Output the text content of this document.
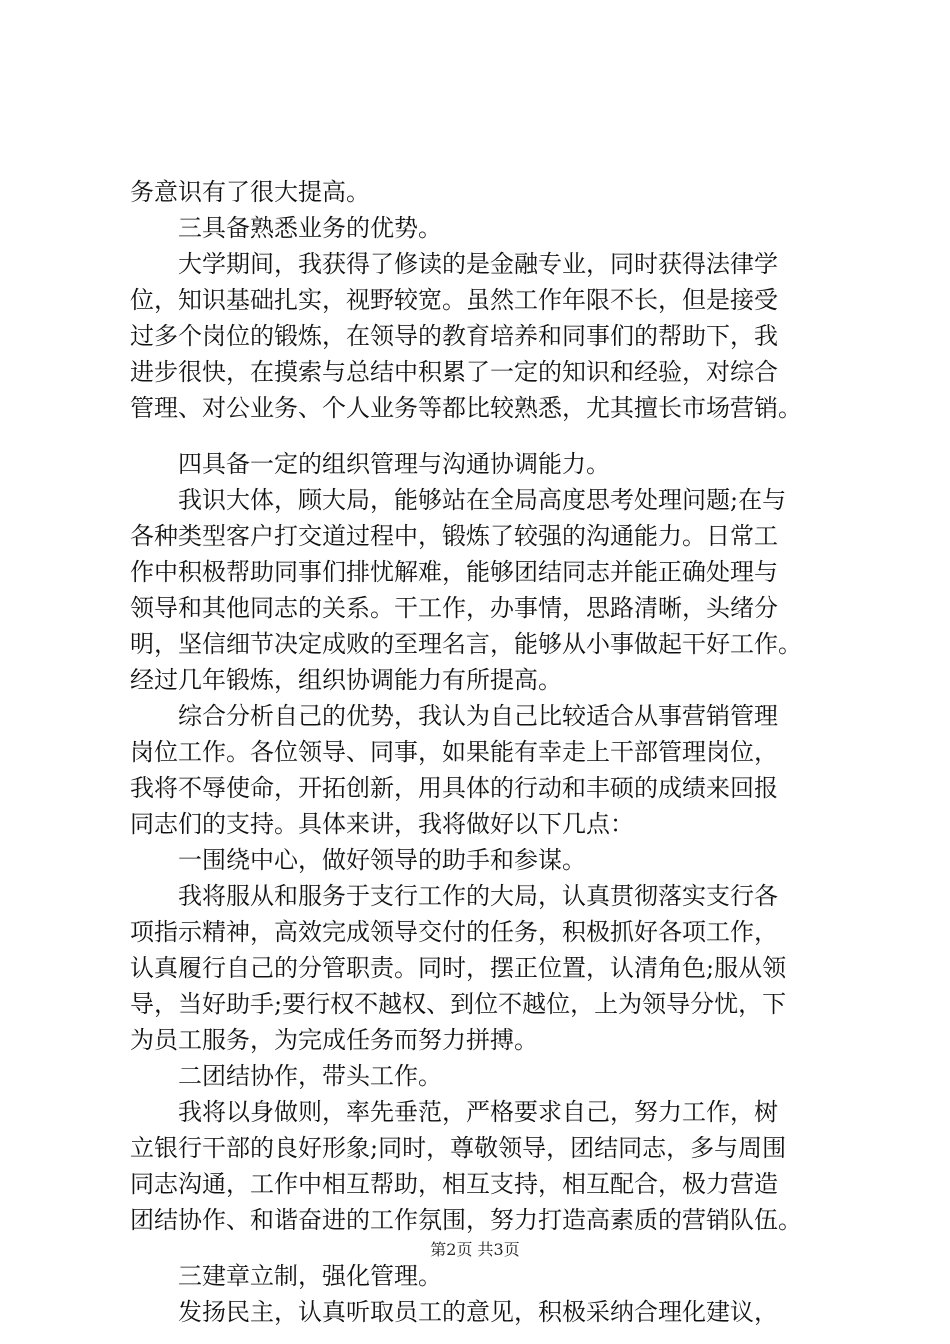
务意识有了很大提高。
三具备熟悉业务的优势。
大学期间，我获得了修读的是金融专业，同时获得法律学
位，知识基础扎实，视野较宽。虽然工作年限不长，但是接受
过多个岗位的锻炼，在领导的教育培养和同事们的帮助下，我
进步很快，在摸索与总结中积累了一定的知识和经验，对综合
管理、对公业务、个人业务等都比较熟悉，尤其擅长市场营销。
四具备一定的组织管理与沟通协调能力。
我识大体，顾大局，能够站在全局高度思考处理问题;在与
各种类型客户打交道过程中，锻炼了较强的沟通能力。日常工
作中积极帮助同事们排忧解难，能够团结同志并能正确处理与
领导和其他同志的关系。干工作，办事情，思路清晰，头绪分
明，坚信细节决定成败的至理名言，能够从小事做起干好工作。
经过几年锻炼，组织协调能力有所提高。
综合分析自己的优势，我认为自己比较适合从事营销管理
岗位工作。各位领导、同事，如果能有幸走上干部管理岗位，
我将不辱使命，开拓创新，用具体的行动和丰硕的成绩来回报
同志们的支持。具体来讲，我将做好以下几点：
一围绕中心，做好领导的助手和参谋。
我将服从和服务于支行工作的大局，认真贯彻落实支行各
项指示精神，高效完成领导交付的任务，积极抓好各项工作，
认真履行自己的分管职责。同时，摆正位置，认清角色;服从领
导，当好助手;要行权不越权、到位不越位，上为领导分忧，下
为员工服务，为完成任务而努力拼搏。
二团结协作，带头工作。
我将以身做则，率先垂范，严格要求自己，努力工作，树
立银行干部的良好形象;同时，尊敬领导，团结同志，多与周围
同志沟通，工作中相互帮助，相互支持，相互配合，极力营造
团结协作、和谐奋进的工作氛围，努力打造高素质的营销队伍。
三建章立制，强化管理。
发扬民主，认真听取员工的意见，积极采纳合理化建议，
第2页 共3页
